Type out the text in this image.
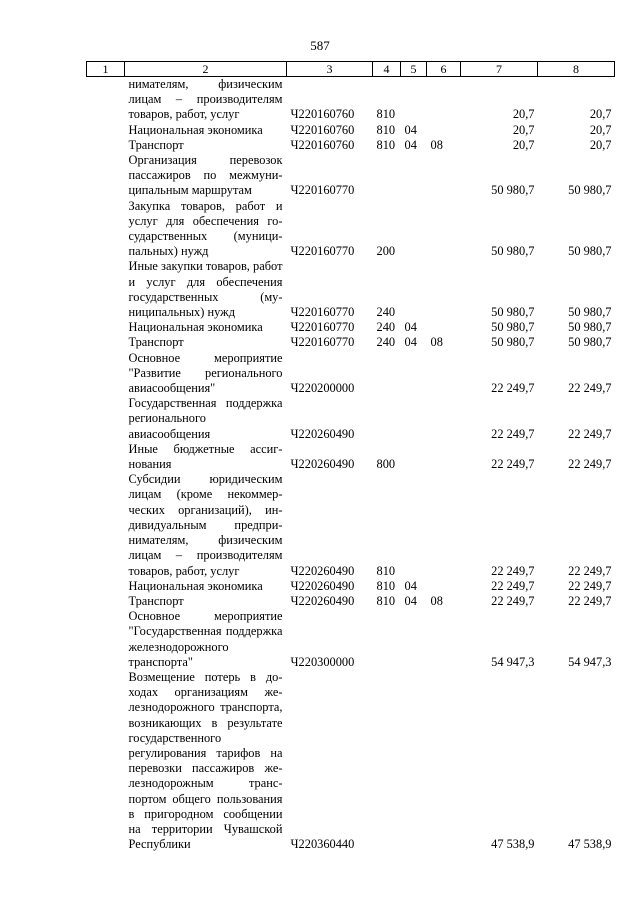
587
1	2	3	4	5	6	7	8
	нимателям, физическим лицам – производителям товаров, работ, услуг	Ч220160760	810			20,7	20,7
	Национальная экономика	Ч220160760	810	04		20,7	20,7
	Транспорт	Ч220160760	810	04	08	20,7	20,7
	Организация перевозок пассажиров по межмуниципальным маршрутам	Ч220160770				50 980,7	50 980,7
	Закупка товаров, работ и услуг для обеспечения государственных (муниципальных) нужд	Ч220160770	200			50 980,7	50 980,7
	Иные закупки товаров, работ и услуг для обеспечения государственных (муниципальных) нужд	Ч220160770	240			50 980,7	50 980,7
	Национальная экономика	Ч220160770	240	04		50 980,7	50 980,7
	Транспорт	Ч220160770	240	04	08	50 980,7	50 980,7
	Основное мероприятие "Развитие регионального авиасообщения"	Ч220200000				22 249,7	22 249,7
	Государственная поддержка регионального авиасообщения	Ч220260490				22 249,7	22 249,7
	Иные бюджетные ассигнования	Ч220260490	800			22 249,7	22 249,7
	Субсидии юридическим лицам (кроме некоммерческих организаций), индивидуальным предпринимателям, физическим лицам – производителям товаров, работ, услуг	Ч220260490	810			22 249,7	22 249,7
	Национальная экономика	Ч220260490	810	04		22 249,7	22 249,7
	Транспорт	Ч220260490	810	04	08	22 249,7	22 249,7
	Основное мероприятие "Государственная поддержка железнодорожного транспорта"	Ч220300000				54 947,3	54 947,3
	Возмещение потерь в доходах организациям железнодорожного транспорта, возникающих в результате государственного регулирования тарифов на перевозки пассажиров железнодорожным транспортом общего пользования в пригородном сообщении на территории Чувашской Республики	Ч220360440				47 538,9	47 538,9
